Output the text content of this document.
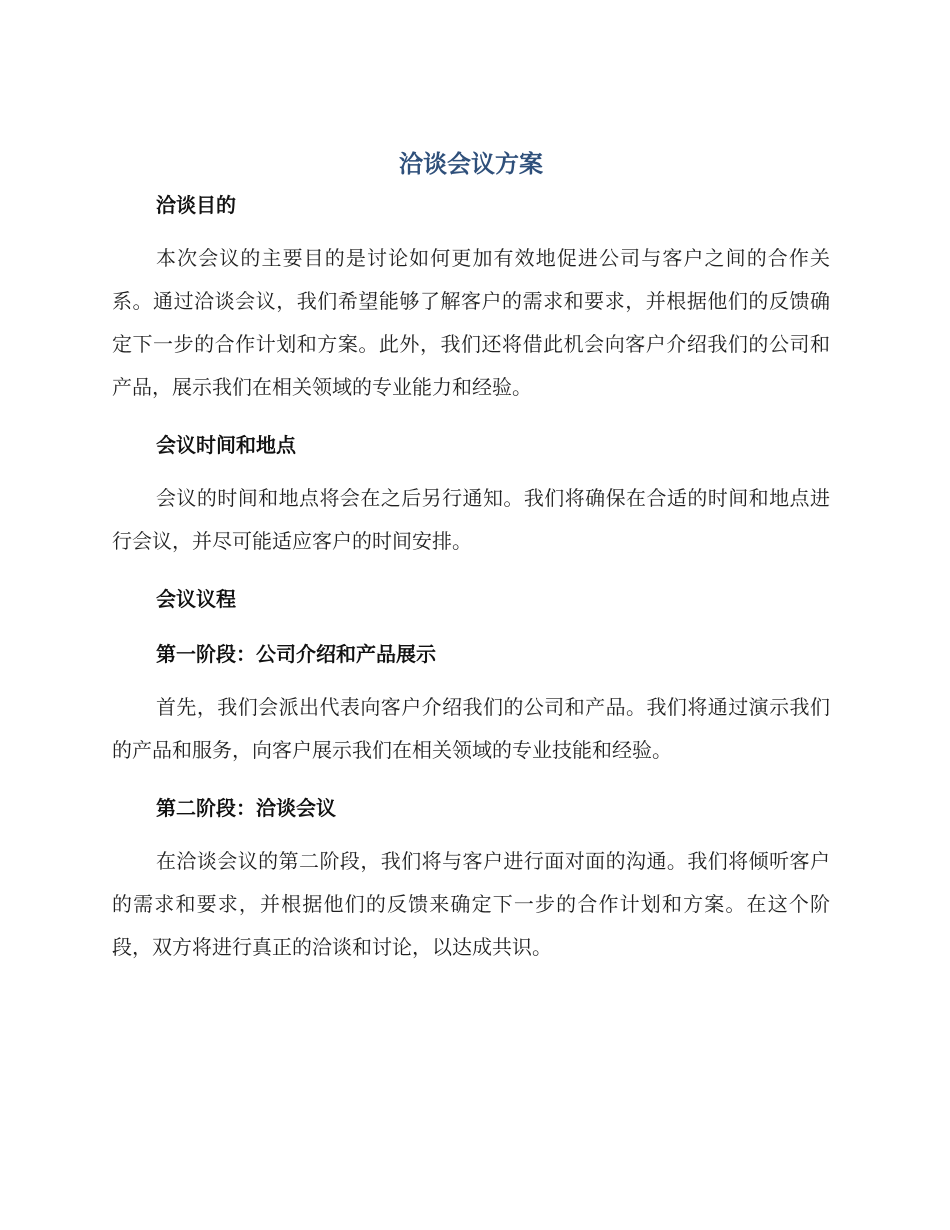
洽谈会议方案
洽谈目的

本次会议的主要目的是讨论如何更加有效地促进公司与客户之间的合作关系。通过洽谈会议，我们希望能够了解客户的需求和要求，并根据他们的反馈确定下一步的合作计划和方案。此外，我们还将借此机会向客户介绍我们的公司和产品，展示我们在相关领域的专业能力和经验。

会议时间和地点

会议的时间和地点将会在之后另行通知。我们将确保在合适的时间和地点进行会议，并尽可能适应客户的时间安排。

会议议程
第一阶段：公司介绍和产品展示

首先，我们会派出代表向客户介绍我们的公司和产品。我们将通过演示我们的产品和服务，向客户展示我们在相关领域的专业技能和经验。

第二阶段：洽谈会议

在洽谈会议的第二阶段，我们将与客户进行面对面的沟通。我们将倾听客户的需求和要求，并根据他们的反馈来确定下一步的合作计划和方案。在这个阶段，双方将进行真正的洽谈和讨论，以达成共识。
